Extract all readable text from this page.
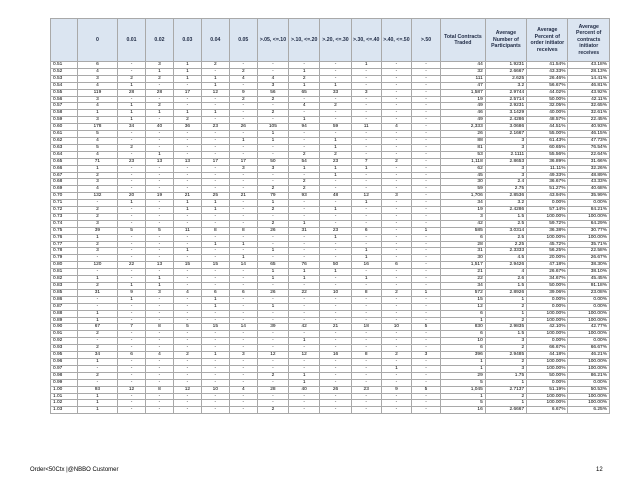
	0	0.01	0.02	0.03	0.04	0.05	>.05, <=.10	>.10, <=.20	>.20, <=.30	>.30, <=.40	>.40, <=.50	>.50	Total Contracts Traded	Average Number of Participants	Average Percent of order initiator receives	Average Percent of contracts initiator receives
0.51	6	-	3	1	2	-	-	-	-	1	-	-	44	1.9231	41.54%	43.18%
0.52	4	-	1	1	-	2	-	1	-	-	-	-	32	2.6667	43.33%	28.13%
0.53	3	2	2	1	1	4	4	2	-	-	-	-	111	2.625	26.46%	14.41%
0.54	4	1	-	-	1	-	3	1	1	-	-	-	47	3.2	56.67%	46.81%
0.55	119	28	28	17	12	9	56	65	33	3	-	-	1,587	2.9744	44.02%	43.92%
0.56	3	-	-	-	-	2	2	-	-	-	-	-	19	2.5714	50.00%	42.11%
0.57	4	1	2	-	-	-	-	4	2	-	-	-	49	2.9231	32.05%	32.65%
0.58	1	1	1	1	1	-	2	-	-	-	-	-	46	3.1429	40.00%	32.61%
0.59	3	1	-	2	-	-	-	1	-	-	-	-	49	2.4286	48.57%	22.45%
0.60	178	34	40	36	23	26	105	94	59	11	4	-	2,333	3.0686	44.51%	40.93%
0.61	5	-	-	-	-	-	1	-	-	-	-	-	26	2.1667	55.00%	46.15%
0.62	4	-	-	-	-	1	1	-	1	-	-	-	88	3	61.43%	47.73%
0.63	5	2	-	-	-	-	-	-	1	-	-	-	81	3	60.65%	76.54%
0.64	4	-	1	-	-	-	-	2	2	-	-	-	53	2.1111	55.56%	22.64%
0.65	71	23	13	13	17	17	50	54	23	7	2	-	1,118	2.8653	36.89%	31.66%
0.66	1	-	-	-	-	3	3	1	1	1	-	-	62	3	11.11%	32.26%
0.67	2	-	-	-	-	-	-	-	1	-	-	-	45	3	49.33%	48.89%
0.68	3	-	-	-	-	-	-	2	-	-	-	-	30	2.4	36.67%	43.33%
0.69	4	-	-	-	-	-	2	2	-	-	-	-	59	2.75	51.27%	40.68%
0.70	132	20	19	21	25	21	79	93	48	12	3	-	1,706	2.8536	43.94%	35.99%
0.71	-	1	-	1	1	-	1	-	-	1	-	-	34	3.2	0.00%	0.00%
0.72	2	-	-	1	1	-	2	-	1	-	-	-	19	2.4286	57.14%	84.21%
0.73	2	-	-	-	-	-	-	-	-	-	-	-	3	1.5	100.00%	100.00%
0.74	3	-	-	-	-	-	2	1	-	-	-	-	42	2.5	59.72%	64.29%
0.75	39	5	5	11	8	8	26	31	23	6	-	1	585	3.0314	36.38%	30.77%
0.76	1	-	-	-	-	-	-	-	1	-	-	-	6	2.5	100.00%	100.00%
0.77	2	-	-	-	1	1	-	-	-	-	-	-	28	2.25	45.72%	35.71%
0.78	3	-	-	1	-	-	1	-	-	1	-	-	31	2.3333	56.25%	22.58%
0.79	-	-	-	-	-	1	-	-	-	1	-	-	30	4.5	20.00%	26.67%
0.80	120	22	13	15	15	14	65	76	50	16	6	-	1,517	2.9426	47.18%	38.30%
0.81	-	-	-	-	-	-	1	1	1	-	-	-	21	4	26.67%	38.10%
0.82	1	-	1	-	-	-	1	1	-	1	-	-	22	2.6	34.67%	45.45%
0.83	2	1	1	-	-	-	-	-	-	-	-	-	34	1.5	50.00%	91.18%
0.85	31	9	3	4	6	6	26	22	10	8	2	1	572	2.8926	39.06%	23.08%
0.86	-	1	-	-	1	-	-	-	-	-	-	-	15	1	0.00%	0.00%
0.87	-	-	-	-	1	-	1	-	-	-	-	-	12	2	0.00%	0.00%
0.88	1	-	-	-	-	-	-	-	-	-	-	-	6	1	100.00%	100.00%
0.89	1	-	-	-	-	-	-	-	-	-	-	-	1	2	100.00%	100.00%
0.90	67	7	8	5	15	14	39	42	21	18	10	5	830	2.9835	42.10%	42.77%
0.91	2	-	-	-	-	-	-	-	-	-	-	-	6	1.5	100.00%	100.00%
0.92	-	-	-	-	-	-	-	1	-	-	-	-	10	3	0.00%	0.00%
0.93	2	-	-	-	-	-	-	-	-	-	-	-	6	2	66.67%	66.67%
0.95	34	6	4	2	1	3	12	12	16	8	2	3	396	2.9485	44.18%	46.21%
0.96	1	-	-	-	-	-	-	-	-	-	-	-	1	2	100.00%	100.00%
0.97	-	-	-	-	-	-	-	-	-	-	1	-	1	3	100.00%	100.00%
0.98	2	-	-	-	-	-	2	1	-	-	-	-	29	1.75	50.00%	86.21%
0.99	-	-	-	-	-	-	-	1	-	-	-	-	5	1	0.00%	0.00%
1.00	93	12	8	12	10	4	28	40	26	23	9	5	1,045	2.7137	51.19%	50.53%
1.01	1	-	-	-	-	-	-	-	-	-	-	-	1	2	100.00%	100.00%
1.02	1	-	-	-	-	-	-	-	-	-	-	-	5	1	100.00%	100.00%
1.03	1	-	-	-	-	-	2	-	-	-	-	-	16	2.6667	6.67%	6.25%
Order<50Ctx |@NBBO Customer	12
